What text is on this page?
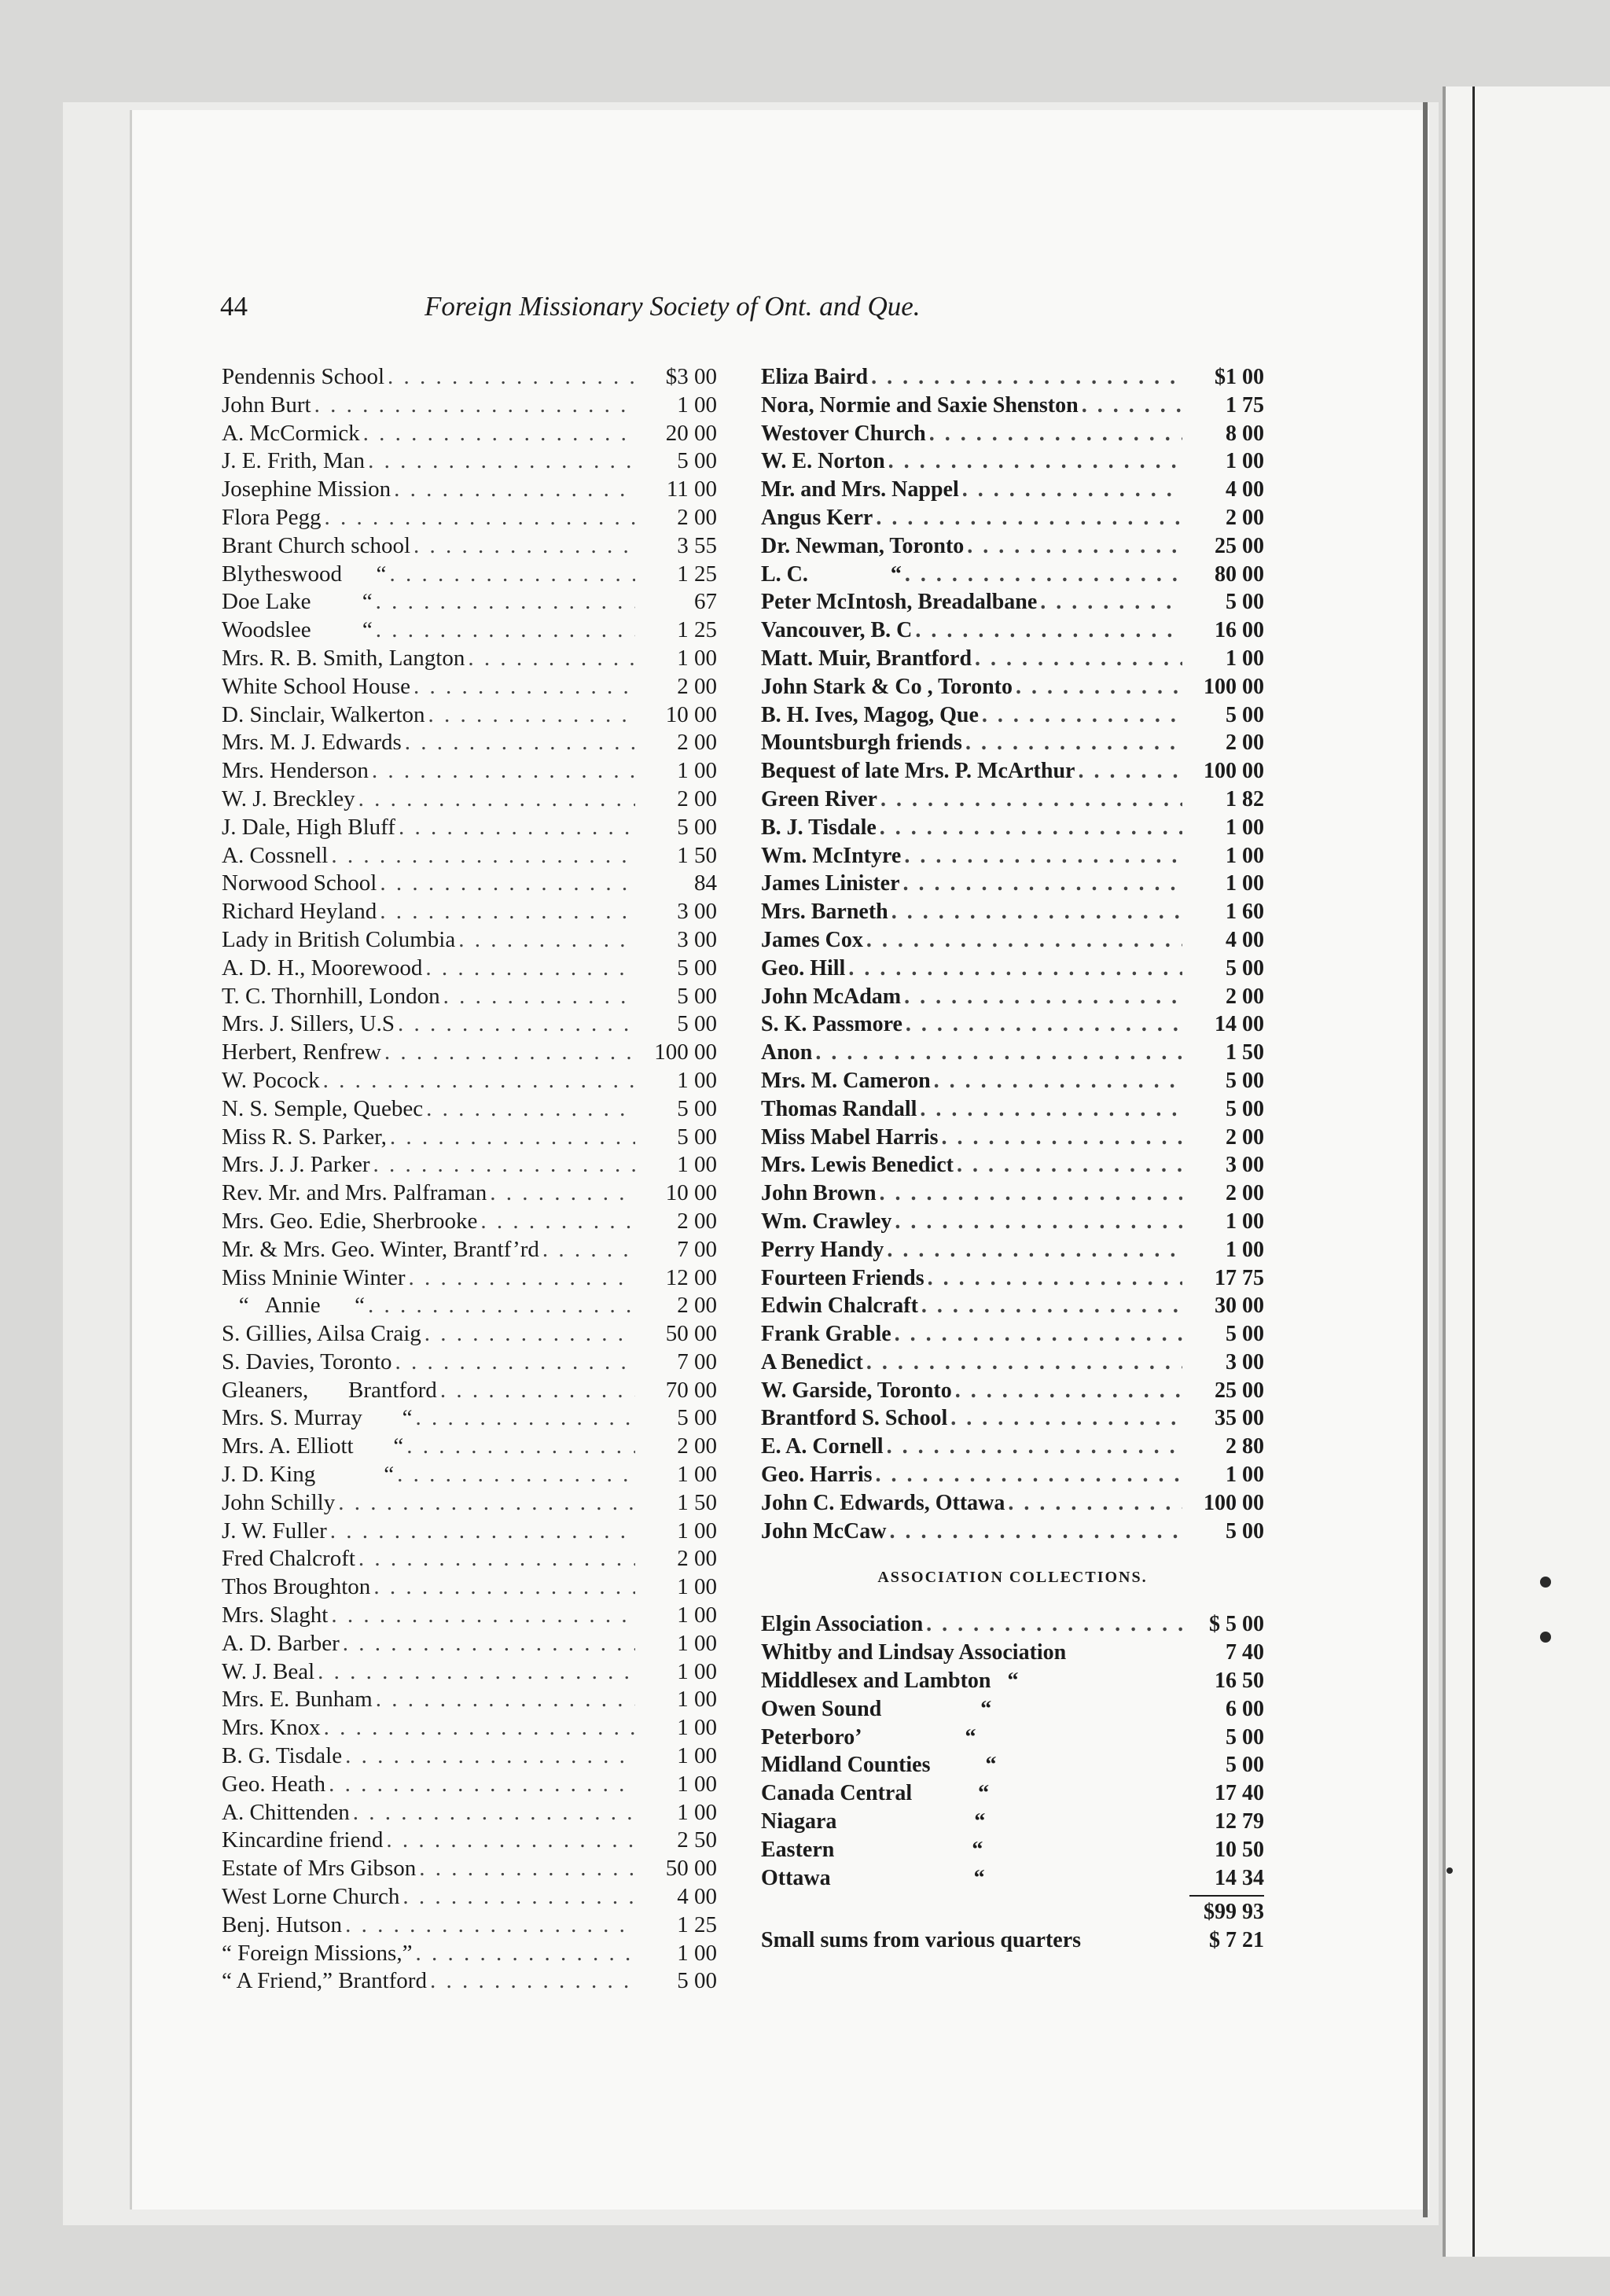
44	Foreign Missionary Society of Ont. and Que.
Pendennis School . . .	$3 00
John Burt . . .	1 00
A. McCormick . . .	20 00
J. E. Frith, Man . . .	5 00
Josephine Mission . . .	11 00
Flora Pegg . . .	2 00
Brant Church school . . .	3 55
Blytheswood      “ . . .	1 25
Doe Lake         “ . . .	67
Woodslee         “ . . .	1 25
Mrs. R. B. Smith, Langton . . .	1 00
White School House . . .	2 00
D. Sinclair, Walkerton . . .	10 00
Mrs. M. J. Edwards . . .	2 00
Mrs. Henderson . . .	1 00
W. J. Breckley . . .	2 00
J. Dale, High Bluff . . .	5 00
A. Cossnell . . .	1 50
Norwood School . . .	84
Richard Heyland . . .	3 00
Lady in British Columbia . . .	3 00
A. D. H., Moorewood . . .	5 00
T. C. Thornhill, London . . .	5 00
Mrs. J. Sillers, U.S . . .	5 00
Herbert, Renfrew . . .	100 00
W. Pocock . . .	1 00
N. S. Semple, Quebec . . .	5 00
Miss R. S. Parker, . . .	5 00
Mrs. J. J. Parker . . .	1 00
Rev. Mr. and Mrs. Palframan . . .	10 00
Mrs. Geo. Edie, Sherbrooke . . .	2 00
Mr. & Mrs. Geo. Winter, Brantf’rd . . .	7 00
Miss Mninie Winter . . .	12 00
“   Annie      “ . . .	2 00
S. Gillies, Ailsa Craig . . .	50 00
S. Davies, Toronto . . .	7 00
Gleaners,       Brantford . . .	70 00
Mrs. S. Murray       “ . . .	5 00
Mrs. A. Elliott       “ . . .	2 00
J. D. King            “ . . .	1 00
John Schilly . . .	1 50
J. W. Fuller . . .	1 00
Fred Chalcroft . . .	2 00
Thos Broughton . . .	1 00
Mrs. Slaght . . .	1 00
A. D. Barber . . .	1 00
W. J. Beal . . .	1 00
Mrs. E. Bunham . . .	1 00
Mrs. Knox . . .	1 00
B. G. Tisdale . . .	1 00
Geo. Heath . . .	1 00
A. Chittenden . . .	1 00
Kincardine friend . . .	2 50
Estate of Mrs Gibson . . .	50 00
West Lorne Church . . .	4 00
Benj. Hutson . . .	1 25
“ Foreign Missions,” . . .	1 00
“ A Friend,” Brantford . . .	5 00
Eliza Baird . . .	$1 00
Nora, Normie and Saxie Shenston . . .	1 75
Westover Church . . .	8 00
W. E. Norton . . .	1 00
Mr. and Mrs. Nappel . . .	4 00
Angus Kerr . . .	2 00
Dr. Newman, Toronto . . .	25 00
L. C.               “ . . .	80 00
Peter McIntosh, Breadalbane . . .	5 00
Vancouver, B. C . . .	16 00
Matt. Muir, Brantford . . .	1 00
John Stark & Co , Toronto . . .	100 00
B. H. Ives, Magog, Que . . .	5 00
Mountsburgh friends . . .	2 00
Bequest of late Mrs. P. McArthur . . .	100 00
Green River . . .	1 82
B. J. Tisdale . . .	1 00
Wm. McIntyre . . .	1 00
James Linister . . .	1 00
Mrs. Barneth . . .	1 60
James Cox . . .	4 00
Geo. Hill . . .	5 00
John McAdam . . .	2 00
S. K. Passmore . . .	14 00
Anon . . .	1 50
Mrs. M. Cameron . . .	5 00
Thomas Randall . . .	5 00
Miss Mabel Harris . . .	2 00
Mrs. Lewis Benedict . . .	3 00
John Brown . . .	2 00
Wm. Crawley . . .	1 00
Perry Handy . . .	1 00
Fourteen Friends . . .	17 75
Edwin Chalcraft . . .	30 00
Frank Grable . . .	5 00
A Benedict . . .	3 00
W. Garside, Toronto . . .	25 00
Brantford S. School . . .	35 00
E. A. Cornell . . .	2 80
Geo. Harris . . .	1 00
John C. Edwards, Ottawa . . .	100 00
John McCaw . . .	5 00
ASSOCIATION COLLECTIONS.
Elgin Association . . .	$ 5 00
Whitby and Lindsay Association	7 40
Middlesex and Lambton   “	16 50
Owen Sound                  “	6 00
Peterboro’                   “	5 00
Midland Counties          “	5 00
Canada Central            “	17 40
Niagara                         “	12 79
Eastern                         “	10 50
Ottawa                          “	14 34
$99 93
Small sums from various quarters	$ 7 21
